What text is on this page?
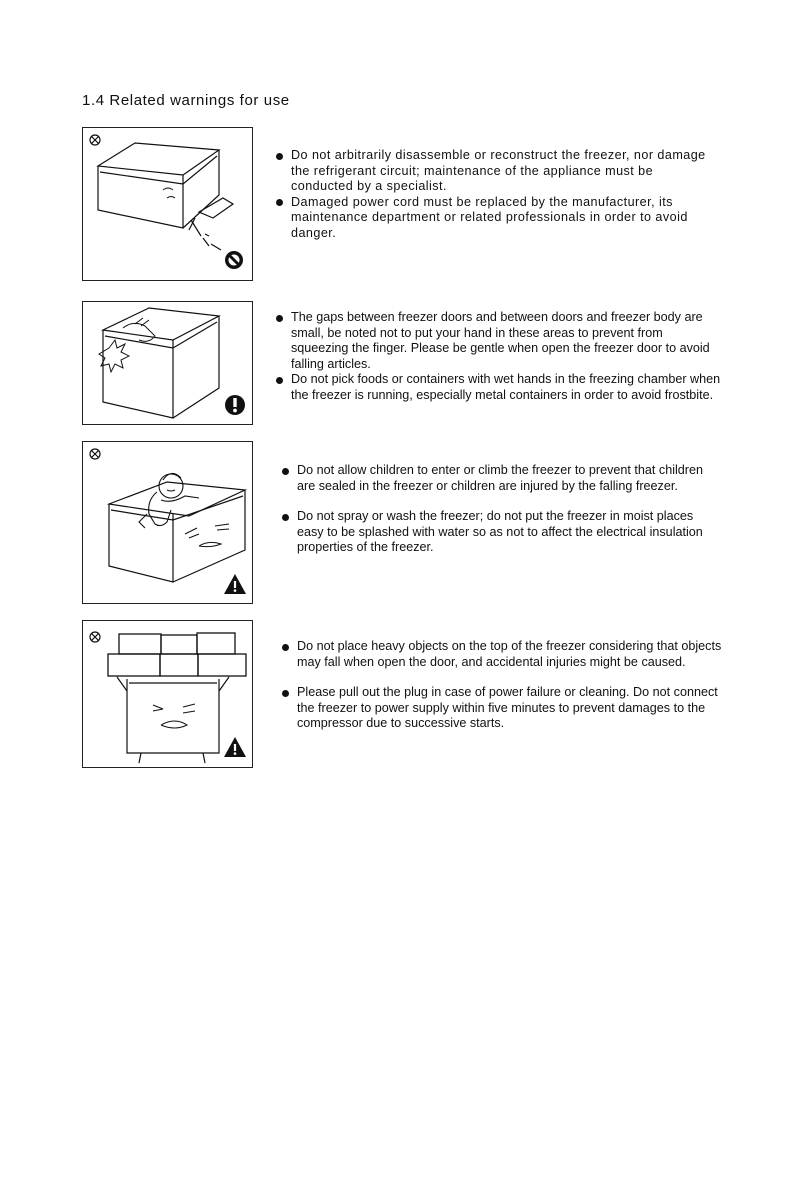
1.4 Related warnings for use
Do not arbitrarily disassemble or reconstruct the freezer, nor damage the refrigerant circuit; maintenance of the appliance must be conducted by a specialist.
Damaged power cord must be replaced by the manufacturer, its maintenance department or related professionals in order to avoid danger.
The gaps between freezer doors and between doors and freezer body are small, be noted not to put your hand in these areas to prevent from squeezing the finger. Please be gentle when open the freezer door to avoid falling articles.
Do not pick foods or containers with wet hands in the freezing chamber when the freezer is running, especially metal containers in order to avoid frostbite.
Do not allow children to enter or climb the freezer to prevent that children are sealed in the freezer or children are injured by the falling freezer.
Do not spray or wash the freezer; do not put the freezer in moist places easy to be splashed with water so as not to affect the electrical insulation properties of the freezer.
Do not place heavy objects on the top of the freezer considering that objects may fall when open the door, and accidental injuries might be caused.
Please pull out the plug in case of power failure or cleaning. Do not connect the freezer to power supply within five minutes to prevent damages to the compressor due to successive starts.
